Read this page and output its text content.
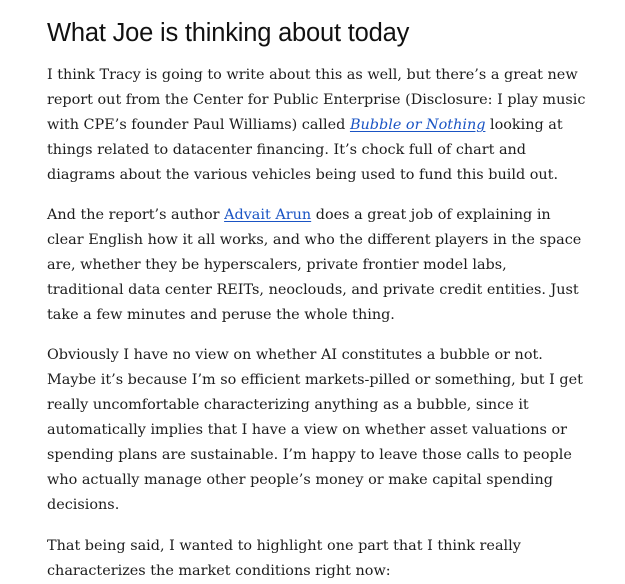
What Joe is thinking about today

I think Tracy is going to write about this as well, but there’s a great new report out from the Center for Public Enterprise (Disclosure: I play music with CPE’s founder Paul Williams) called Bubble or Nothing looking at things related to datacenter financing. It’s chock full of chart and diagrams about the various vehicles being used to fund this build out.

And the report’s author Advait Arun does a great job of explaining in clear English how it all works, and who the different players in the space are, whether they be hyperscalers, private frontier model labs, traditional data center REITs, neoclouds, and private credit entities. Just take a few minutes and peruse the whole thing.

Obviously I have no view on whether AI constitutes a bubble or not. Maybe it’s because I’m so efficient markets-pilled or something, but I get really uncomfortable characterizing anything as a bubble, since it automatically implies that I have a view on whether asset valuations or spending plans are sustainable. I’m happy to leave those calls to people who actually manage other people’s money or make capital spending decisions.

That being said, I wanted to highlight one part that I think really characterizes the market conditions right now:
